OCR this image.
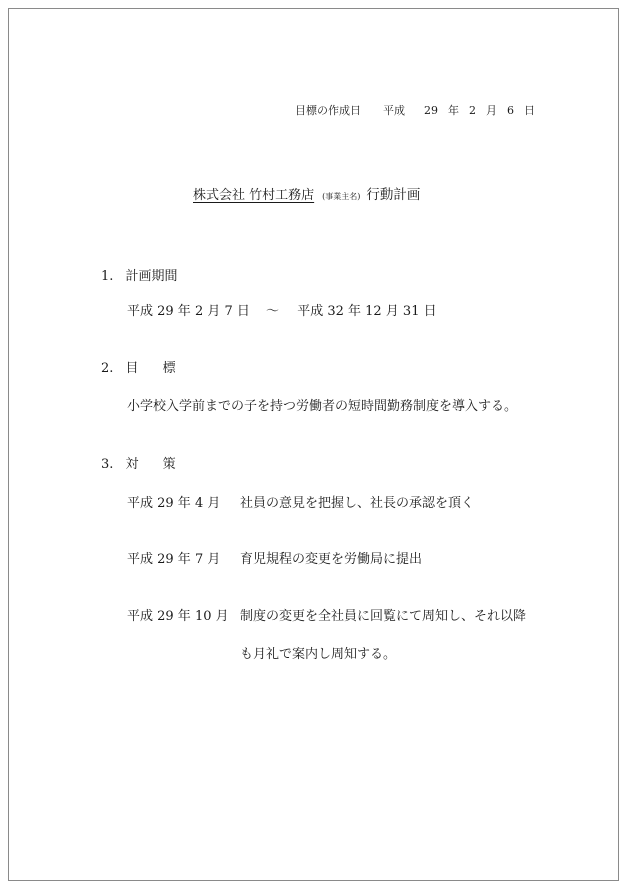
目標の作成日 平成 29 年 2 月 6 日
株式会社 竹村工務店 (事業主名) 行動計画
1. 計画期間
平成 29 年 2 月 7 日 〜 平成 32 年 12 月 31 日
2. 目 標
小学校入学前までの子を持つ労働者の短時間勤務制度を導入する。
3. 対 策
平成 29 年 4 月 社員の意見を把握し、社長の承認を頂く
平成 29 年 7 月 育児規程の変更を労働局に提出
平成 29 年 10 月 制度の変更を全社員に回覧にて周知し、それ以降
も月礼で案内し周知する。
